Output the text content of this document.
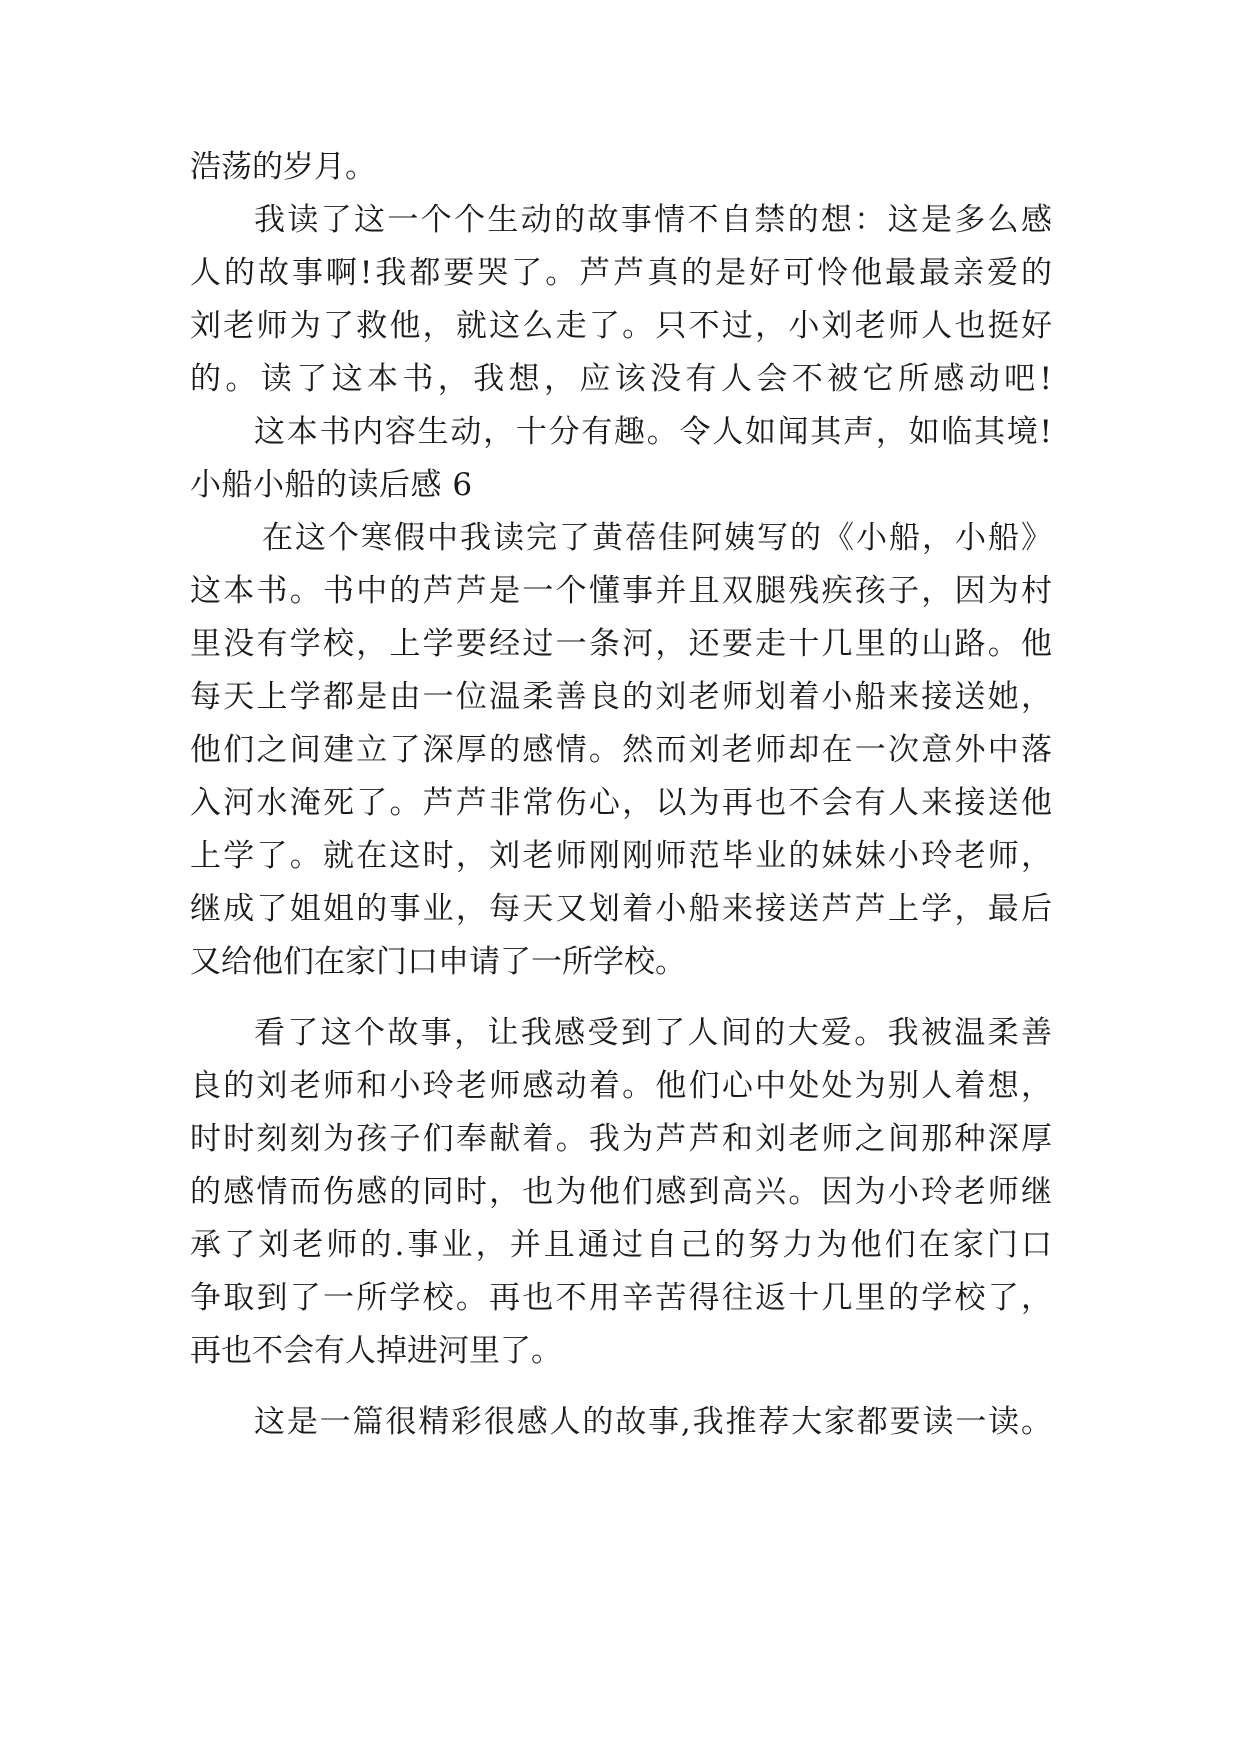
浩荡的岁月。
我读了这一个个生动的故事情不自禁的想：这是多么感
人的故事啊!我都要哭了。芦芦真的是好可怜他最最亲爱的
刘老师为了救他，就这么走了。只不过，小刘老师人也挺好
的。读了这本书，我想，应该没有人会不被它所感动吧!
这本书内容生动，十分有趣。令人如闻其声，如临其境!
小船小船的读后感 6
在这个寒假中我读完了黄蓓佳阿姨写的《小船，小船》
这本书。书中的芦芦是一个懂事并且双腿残疾孩子，因为村
里没有学校，上学要经过一条河，还要走十几里的山路。他
每天上学都是由一位温柔善良的刘老师划着小船来接送她，
他们之间建立了深厚的感情。然而刘老师却在一次意外中落
入河水淹死了。芦芦非常伤心，以为再也不会有人来接送他
上学了。就在这时，刘老师刚刚师范毕业的妹妹小玲老师，
继成了姐姐的事业，每天又划着小船来接送芦芦上学，最后
又给他们在家门口申请了一所学校。
看了这个故事，让我感受到了人间的大爱。我被温柔善
良的刘老师和小玲老师感动着。他们心中处处为别人着想，
时时刻刻为孩子们奉献着。我为芦芦和刘老师之间那种深厚
的感情而伤感的同时，也为他们感到高兴。因为小玲老师继
承了刘老师的.事业，并且通过自己的努力为他们在家门口
争取到了一所学校。再也不用辛苦得往返十几里的学校了，
再也不会有人掉进河里了。
这是一篇很精彩很感人的故事,我推荐大家都要读一读。
